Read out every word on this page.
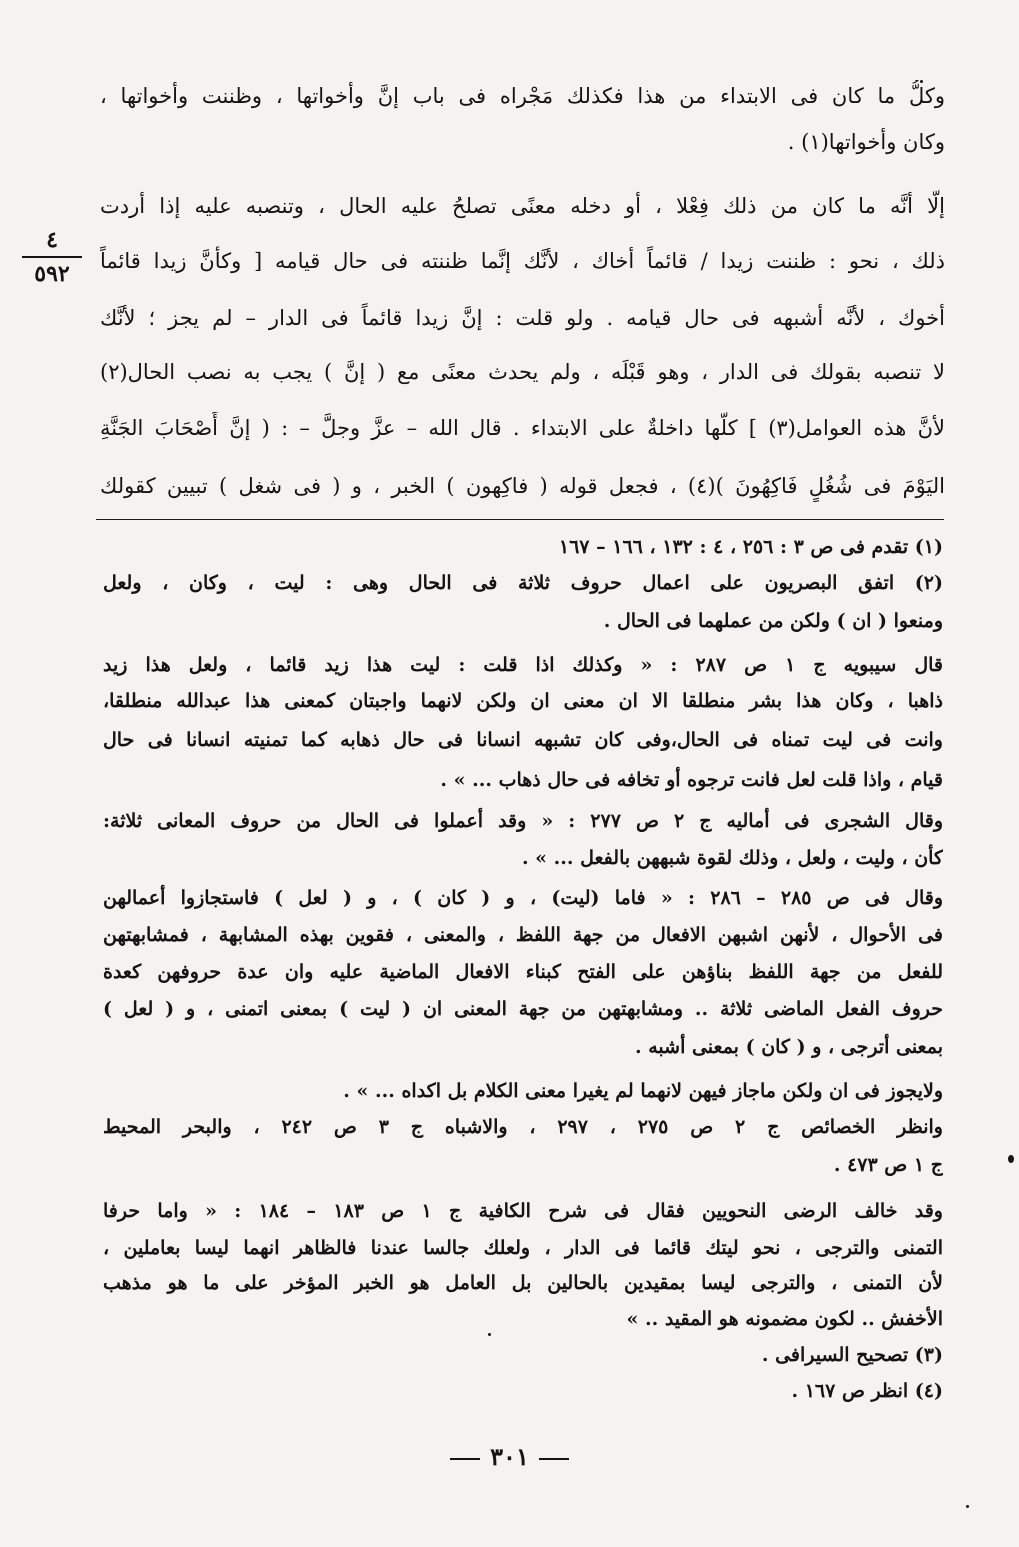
٤
٥٩٢
وكلُّ ما كان فى الابتداء من هذا فكذلك مَجْراه فى باب إنَّ وأخواتها ، وظننت وأخواتها ،
وكان وأخواتها(١) .
إلَّا أنَّه ما كان من ذلك فِعْلا ، أو دخله معنًى تصلحُ عليه الحال ، وتنصبه عليه إذا أردت
ذلك ، نحو : ظننت زيدا / قائماً أخاك ، لأنَّك إنَّما ظننته فى حال قيامه [ وكأنَّ زيدا قائماً
أخوك ، لأنَّه أشبهه فى حال قيامه . ولو قلت : إنَّ زيدا قائماً فى الدار – لم يجز ؛ لأنَّك
لا تنصبه بقولك فى الدار ، وهو قَبْلَه ، ولم يحدث معنًى مع ( إنَّ ) يجب به نصب الحال(٢)
لأنَّ هذه العوامل(٣) ] كلُّها داخلةٌ على الابتداء . قال الله – عزَّ وجلَّ – : ( إنَّ أَصْحَابَ الجَنَّةِ
اليَوْمَ فى شُغُلٍ فَاكِهُونَ )(٤) ، فجعل قوله ( فاكِهون ) الخبر ، و ( فى شغل ) تبيين كقولك
(١) تقدم فى ص ٣ : ٢٥٦ ، ٤ : ١٣٢ ، ١٦٦ – ١٦٧
(٢) اتفق البصريون على اعمال حروف ثلاثة فى الحال وهى : ليت ، وكان ، ولعل
ومنعوا ( ان ) ولكن من عملهما فى الحال .
قال سيبويه ج ١ ص ٢٨٧ : « وكذلك اذا قلت : ليت هذا زيد قائما ، ولعل هذا زيد
ذاهبا ، وكان هذا بشر منطلقا الا ان معنى ان ولكن لانهما واجبتان كمعنى هذا عبدالله منطلقا،
وانت فى ليت تمناه فى الحال،وفى كان تشبهه انسانا فى حال ذهابه كما تمنيته انسانا فى حال
قيام ، واذا قلت لعل فانت ترجوه أو تخافه فى حال ذهاب ... » .
وقال الشجرى فى أماليه ج ٢ ص ٢٧٧ : « وقد أعملوا فى الحال من حروف المعانى ثلاثة:
كأن ، وليت ، ولعل ، وذلك لقوة شبههن بالفعل ... » .
وقال فى ص ٢٨٥ – ٢٨٦ : « فاما (ليت) ، و ( كان ) ، و ( لعل ) فاستجازوا أعمالهن
فى الأحوال ، لأنهن اشبهن الافعال من جهة اللفظ ، والمعنى ، فقوين بهذه المشابهة ، فمشابهتهن
للفعل من جهة اللفظ بناؤهن على الفتح كبناء الافعال الماضية عليه وان عدة حروفهن كعدة
حروف الفعل الماضى ثلاثة .. ومشابهتهن من جهة المعنى ان ( ليت ) بمعنى اتمنى ، و ( لعل )
بمعنى أترجى ، و ( كان ) بمعنى أشبه .
ولايجوز فى ان ولكن ماجاز فيهن لانهما لم يغيرا معنى الكلام بل اكداه ... » .
وانظر الخصائص ج ٢ ص ٢٧٥ ، ٢٩٧ ، والاشباه ج ٣ ص ٢٤٢ ، والبحر المحيط
ج ١ ص ٤٧٣ .
وقد خالف الرضى النحويين فقال فى شرح الكافية ج ١ ص ١٨٣ – ١٨٤ : « واما حرفا
التمنى والترجى ، نحو ليتك قائما فى الدار ، ولعلك جالسا عندنا فالظاهر انهما ليسا بعاملين ،
لأن التمنى ، والترجى ليسا بمقيدين بالحالين بل العامل هو الخبر المؤخر على ما هو مذهب
الأخفش .. لكون مضمونه هو المقيد .. »
(٣) تصحيح السيرافى .
(٤) انظر ص ١٦٧ .
٣٠١
